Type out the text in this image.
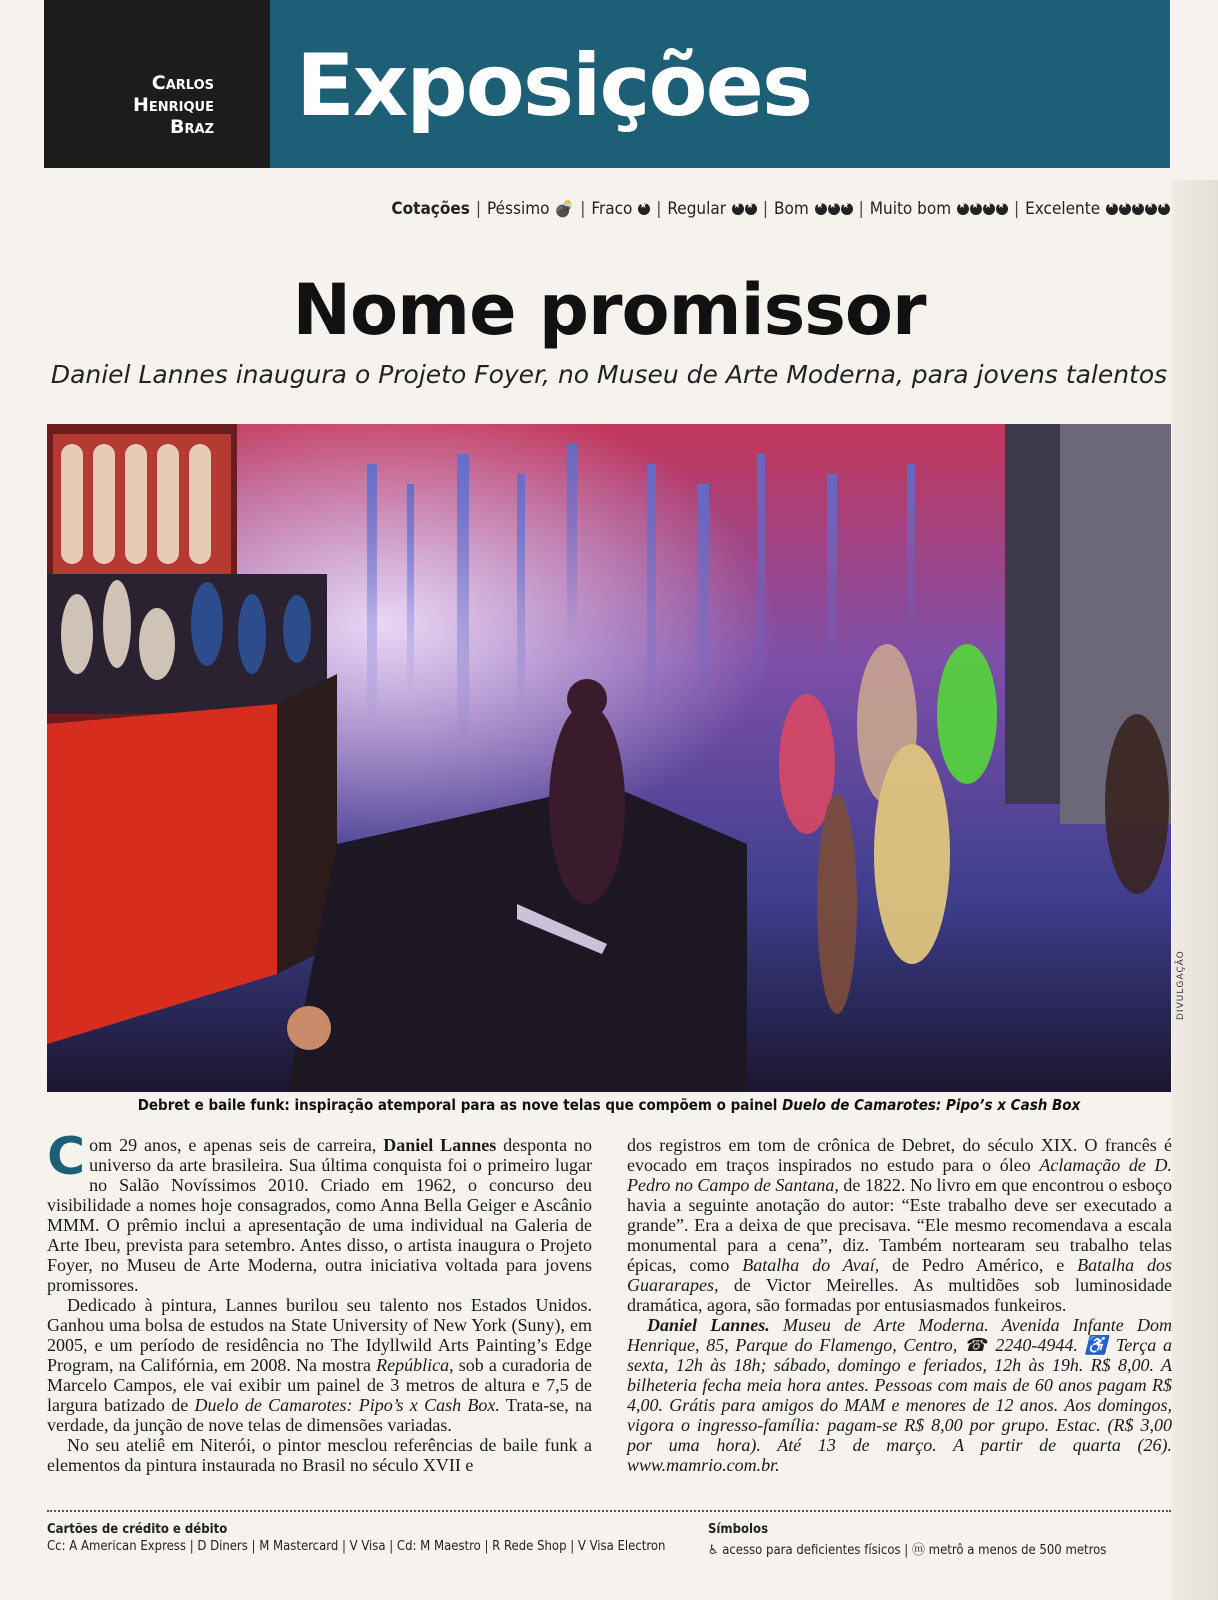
Carlos
Henrique
Braz Exposições
Cotações | Péssimo 💣 | Fraco ★ | Regular ★ ★ | Bom ★ ★ ★	| Muito bom ★ ★ ★ ★	| Excelente ★★★★★
Nome promissor
Daniel Lannes inaugura o Projeto Foyer, no Museu de Arte Moderna, para jovens talentos
DIVULGAÇÃO
Debret e baile funk: inspiração atemporal para as nove telas que compõem o painel Duelo de Camarotes: Pipo’s x Cash Box

Com 29 anos, e apenas seis de carreira, Daniel Lannes desponta no universo da arte brasileira. Sua última conquista foi o primeiro lugar no Salão Novíssimos 2010. Criado em 1962, o concurso deu visibilidade a nomes hoje consagrados, como Anna Bella Geiger e Ascânio MMM. O prêmio inclui a apresentação de uma individual na Galeria de Arte Ibeu, prevista para setembro. Antes disso, o artista inaugura o Projeto Foyer, no Museu de Arte Moderna, outra iniciativa voltada para jovens promissores.

Dedicado à pintura, Lannes burilou seu talento nos Estados Unidos. Ganhou uma bolsa de estudos na State University of New York (Suny), em 2005, e um período de residência no The Idyllwild Arts Painting’s Edge Program, na Califórnia, em 2008. Na mostra República, sob a curadoria de Marcelo Campos, ele vai exibir um painel de 3 metros de altura e 7,5 de largura batizado de Duelo de Camarotes: Pipo’s x Cash Box. Trata-se, na verdade, da junção de nove telas de dimensões variadas.

No seu ateliê em Niterói, o pintor mesclou referências de baile funk a elementos da pintura instaurada no Brasil no século XVII e

dos registros em tom de crônica de Debret, do século XIX. O francês é evocado em traços inspirados no estudo para o óleo Aclamação de D. Pedro no Campo de Santana, de 1822. No livro em que encontrou o esboço havia a seguinte anotação do autor: “Este trabalho deve ser executado a grande”. Era a deixa de que precisava. “Ele mesmo recomendava a escala monumental para a cena”, diz. Também nortearam seu trabalho telas épicas, como Batalha do Avaí, de Pedro Américo, e Batalha dos Guararapes, de Victor Meirelles. As multidões sob luminosidade dramática, agora, são formadas por entusiasmados funkeiros.

Daniel Lannes. Museu de Arte Moderna. Avenida Infante Dom Henrique, 85, Parque do Flamengo, Centro, ☎ 2240-4944. ♿ Terça a sexta, 12h às 18h; sábado, domingo e feriados, 12h às 19h. R$ 8,00. A bilheteria fecha meia hora antes. Pessoas com mais de 60 anos pagam R$ 4,00. Grátis para amigos do MAM e menores de 12 anos. Aos domingos, vigora o ingresso-família: pagam-se R$ 8,00 por grupo. Estac. (R$ 3,00 por uma hora). Até 13 de março. A partir de quarta (26). www.mamrio.com.br.

Cartões de crédito e débito
Cc: A American Express | D Diners | M Mastercard | V Visa | Cd: M Maestro | R Rede Shop | V Visa Electron
Símbolos
♿ acesso para deficientes físicos | ⓜ metrô a menos de 500 metros
